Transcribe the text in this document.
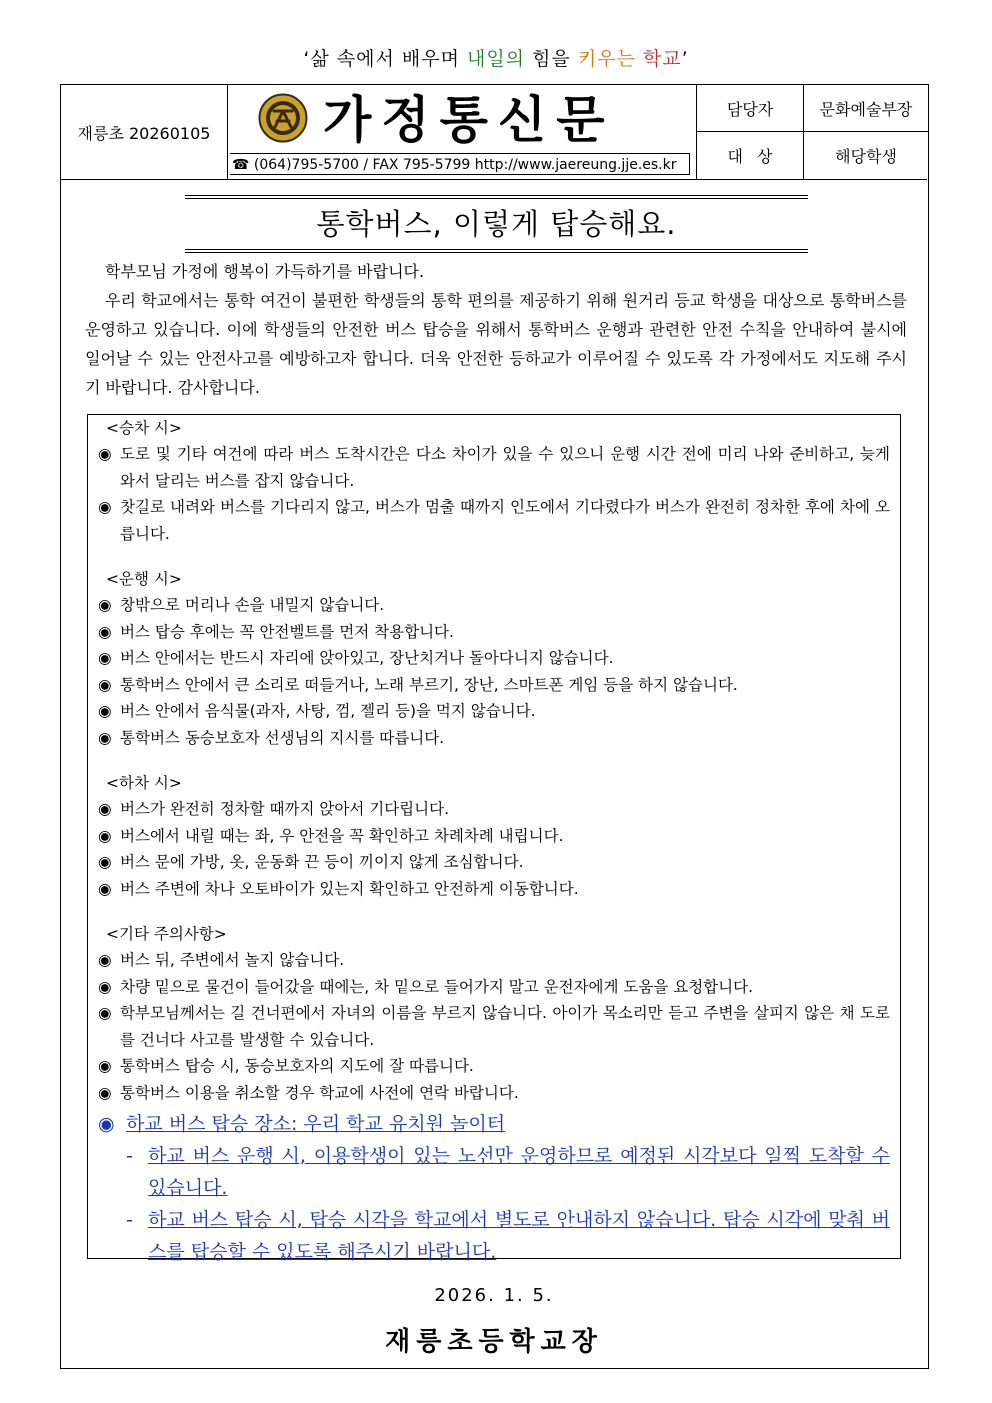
‘삶 속에서 배우며 내일의 힘을 키우는 학교’
재릉초 20260105	가정통신문
☎ (064)795-5700 / FAX 795-5799 http://www.jaereung.jje.es.kr
담당자	문화예술부장
대상	해당학생
통학버스, 이렇게 탑승해요.

학부모님 가정에 행복이 가득하기를 바랍니다.

우리 학교에서는 통학 여건이 불편한 학생들의 통학 편의를 제공하기 위해 원거리 등교 학생을 대상으로 통학버스를 운영하고 있습니다. 이에 학생들의 안전한 버스 탑승을 위해서 통학버스 운행과 관련한 안전 수칙을 안내하여 불시에 일어날 수 있는 안전사고를 예방하고자 합니다. 더욱 안전한 등하교가 이루어질 수 있도록 각 가정에서도 지도해 주시기 바랍니다. 감사합니다.

<승차 시>
◉ 도로 및 기타 여건에 따라 버스 도착시간은 다소 차이가 있을 수 있으니 운행 시간 전에 미리 나와 준비하고, 늦게 와서 달리는 버스를 잡지 않습니다.
◉ 찻길로 내려와 버스를 기다리지 않고, 버스가 멈출 때까지 인도에서 기다렸다가 버스가 완전히 정차한 후에 차에 오릅니다.
<운행 시>
◉ 창밖으로 머리나 손을 내밀지 않습니다.
◉ 버스 탑승 후에는 꼭 안전벨트를 먼저 착용합니다.
◉ 버스 안에서는 반드시 자리에 앉아있고, 장난치거나 돌아다니지 않습니다.
◉ 통학버스 안에서 큰 소리로 떠들거나, 노래 부르기, 장난, 스마트폰 게임 등을 하지 않습니다.
◉ 버스 안에서 음식물(과자, 사탕, 껌, 젤리 등)을 먹지 않습니다.
◉ 통학버스 동승보호자 선생님의 지시를 따릅니다.
<하차 시>
◉ 버스가 완전히 정차할 때까지 앉아서 기다립니다.
◉ 버스에서 내릴 때는 좌, 우 안전을 꼭 확인하고 차례차례 내립니다.
◉ 버스 문에 가방, 옷, 운동화 끈 등이 끼이지 않게 조심합니다.
◉ 버스 주변에 차나 오토바이가 있는지 확인하고 안전하게 이동합니다.
<기타 주의사항>
◉ 버스 뒤, 주변에서 놀지 않습니다.
◉ 차량 밑으로 물건이 들어갔을 때에는, 차 밑으로 들어가지 말고 운전자에게 도움을 요청합니다.
◉ 학부모님께서는 길 건너편에서 자녀의 이름을 부르지 않습니다. 아이가 목소리만 듣고 주변을 살피지 않은 채 도로를 건너다 사고를 발생할 수 있습니다.
◉ 통학버스 탑승 시, 동승보호자의 지도에 잘 따릅니다.
◉ 통학버스 이용을 취소할 경우 학교에 사전에 연락 바랍니다.
◉ 하교 버스 탑승 장소: 우리 학교 유치원 놀이터
- 하교 버스 운행 시, 이용학생이 있는 노선만 운영하므로 예정된 시각보다 일찍 도착할 수 있습니다.
- 하교 버스 탑승 시, 탑승 시각을 학교에서 별도로 안내하지 않습니다. 탑승 시각에 맞춰 버스를 탑승할 수 있도록 해주시기 바랍니다.
2026. 1. 5.
재릉초등학교장
